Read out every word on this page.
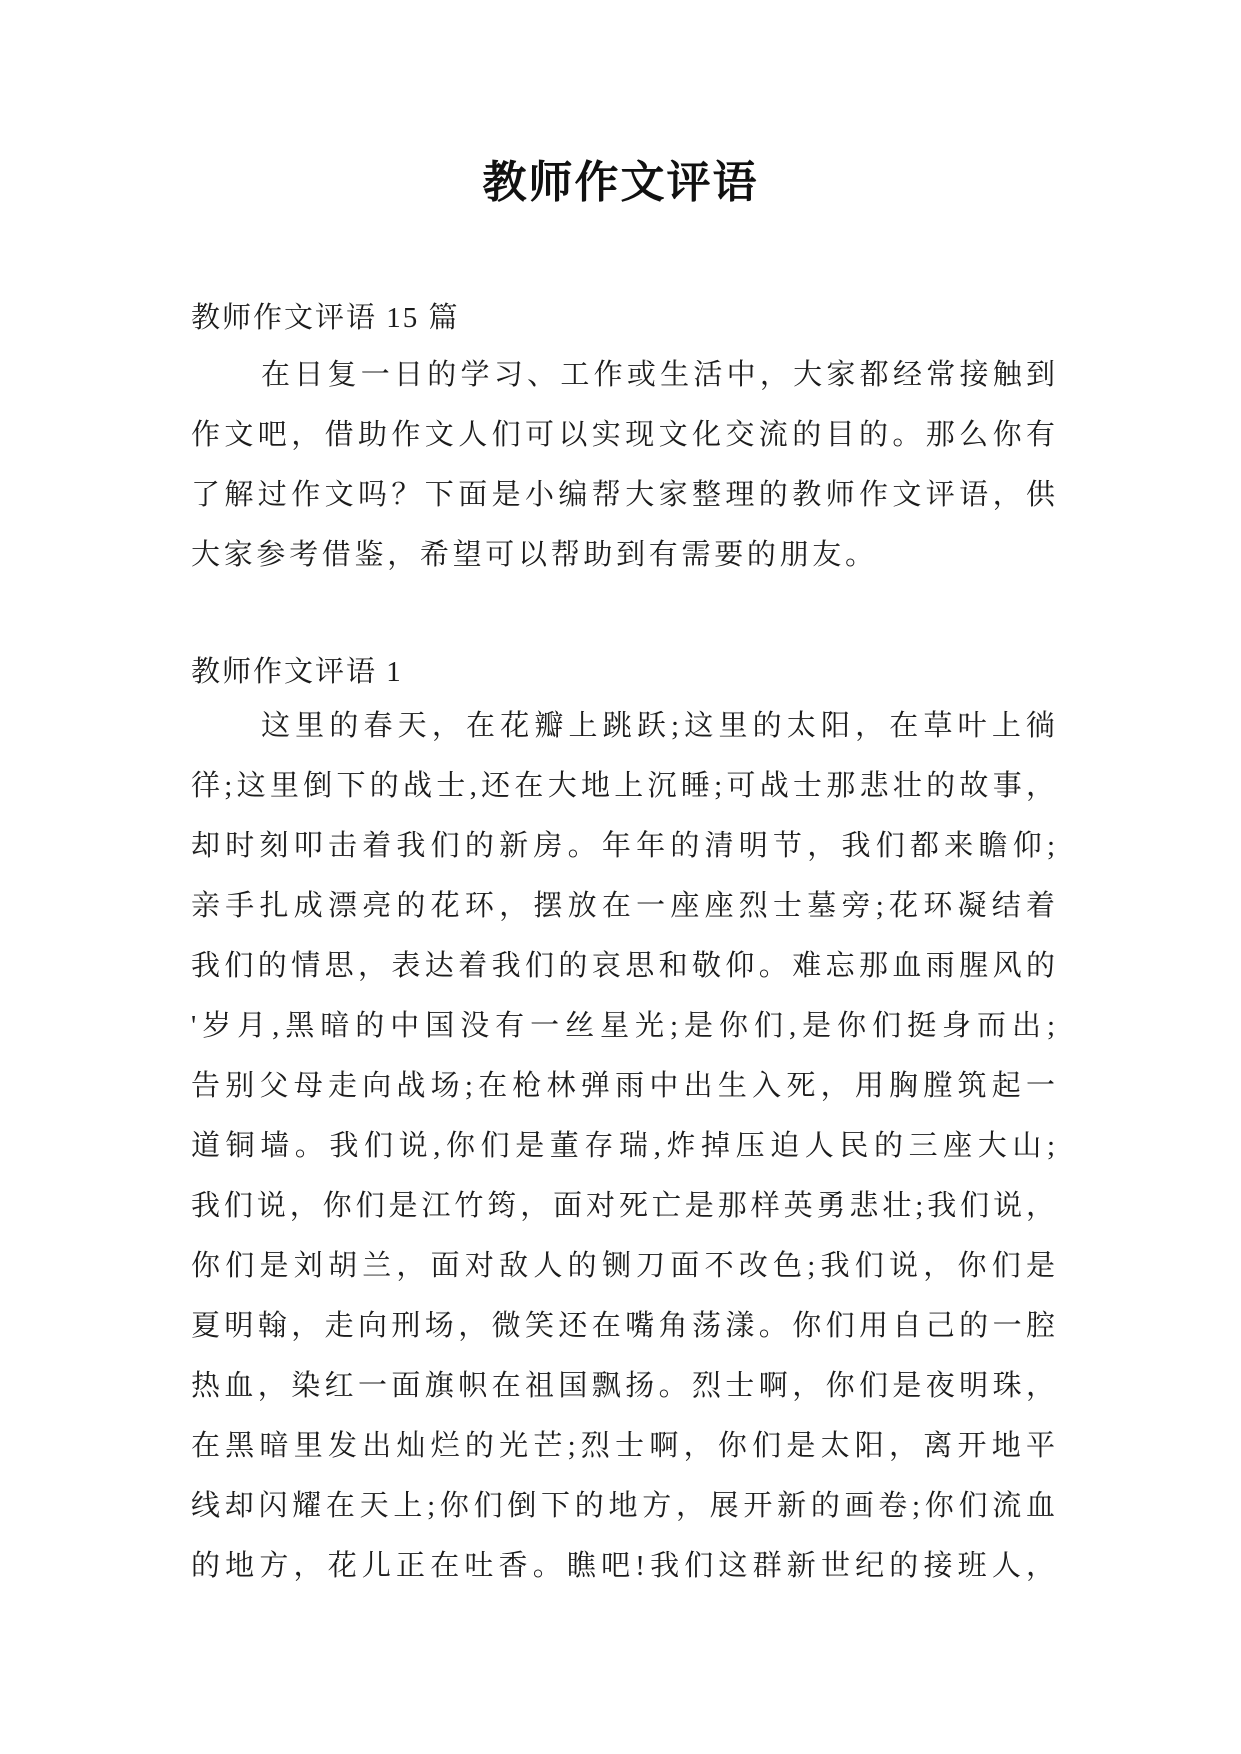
教师作文评语
教师作文评语 15 篇
在日复一日的学习、工作或生活中，大家都经常接触到
作文吧，借助作文人们可以实现文化交流的目的。那么你有
了解过作文吗？下面是小编帮大家整理的教师作文评语，供
大家参考借鉴，希望可以帮助到有需要的朋友。
教师作文评语 1
这里的春天，在花瓣上跳跃;这里的太阳，在草叶上徜
徉;这里倒下的战士,还在大地上沉睡;可战士那悲壮的故事，
却时刻叩击着我们的新房。年年的清明节，我们都来瞻仰;
亲手扎成漂亮的花环，摆放在一座座烈士墓旁;花环凝结着
我们的情思，表达着我们的哀思和敬仰。难忘那血雨腥风的
'岁月,黑暗的中国没有一丝星光;是你们,是你们挺身而出;
告别父母走向战场;在枪林弹雨中出生入死，用胸膛筑起一
道铜墙。我们说,你们是董存瑞,炸掉压迫人民的三座大山;
我们说，你们是江竹筠，面对死亡是那样英勇悲壮;我们说，
你们是刘胡兰，面对敌人的铡刀面不改色;我们说，你们是
夏明翰，走向刑场，微笑还在嘴角荡漾。你们用自己的一腔
热血，染红一面旗帜在祖国飘扬。烈士啊，你们是夜明珠，
在黑暗里发出灿烂的光芒;烈士啊，你们是太阳，离开地平
线却闪耀在天上;你们倒下的地方，展开新的画卷;你们流血
的地方，花儿正在吐香。瞧吧!我们这群新世纪的接班人，
